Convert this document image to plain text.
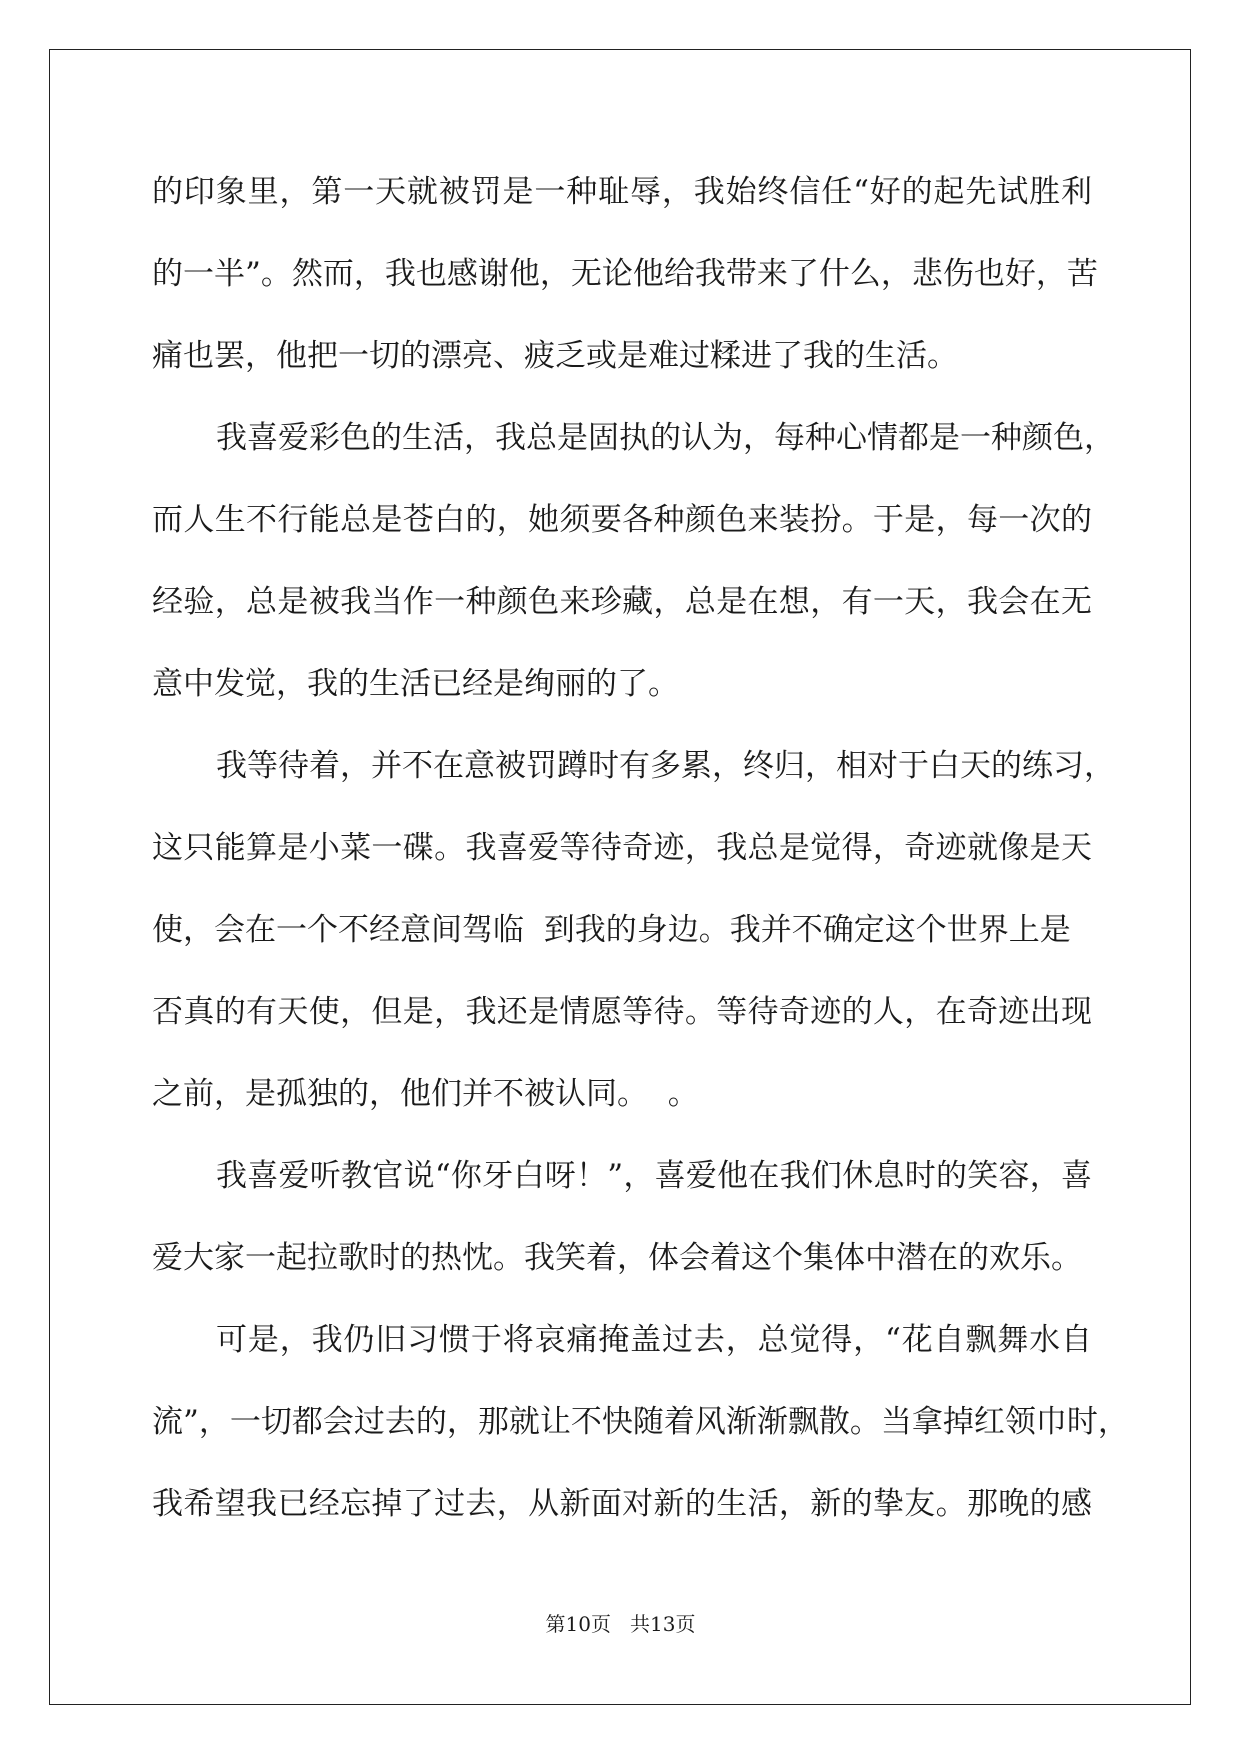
的印象里，第一天就被罚是一种耻辱，我始终信任“好的起先试胜利
的一半”。然而，我也感谢他，无论他给我带来了什么，悲伤也好，苦
痛也罢，他把一切的漂亮、疲乏或是难过糅进了我的生活。
我喜爱彩色的生活，我总是固执的认为，每种心情都是一种颜色，
而人生不行能总是苍白的，她须要各种颜色来装扮。于是，每一次的
经验，总是被我当作一种颜色来珍藏，总是在想，有一天，我会在无
意中发觉，我的生活已经是绚丽的了。
我等待着，并不在意被罚蹲时有多累，终归，相对于白天的练习，
这只能算是小菜一碟。我喜爱等待奇迹，我总是觉得，奇迹就像是天
使，会在一个不经意间驾临  到我的身边。我并不确定这个世界上是
否真的有天使，但是，我还是情愿等待。等待奇迹的人，在奇迹出现
之前，是孤独的，他们并不被认同。  。
我喜爱听教官说“你牙白呀！”，喜爱他在我们休息时的笑容，喜
爱大家一起拉歌时的热忱。我笑着，体会着这个集体中潜在的欢乐。
可是，我仍旧习惯于将哀痛掩盖过去，总觉得，“花自飘舞水自
流”，一切都会过去的，那就让不快随着风渐渐飘散。当拿掉红领巾时，
我希望我已经忘掉了过去，从新面对新的生活，新的挚友。那晚的感
第10页 共13页
